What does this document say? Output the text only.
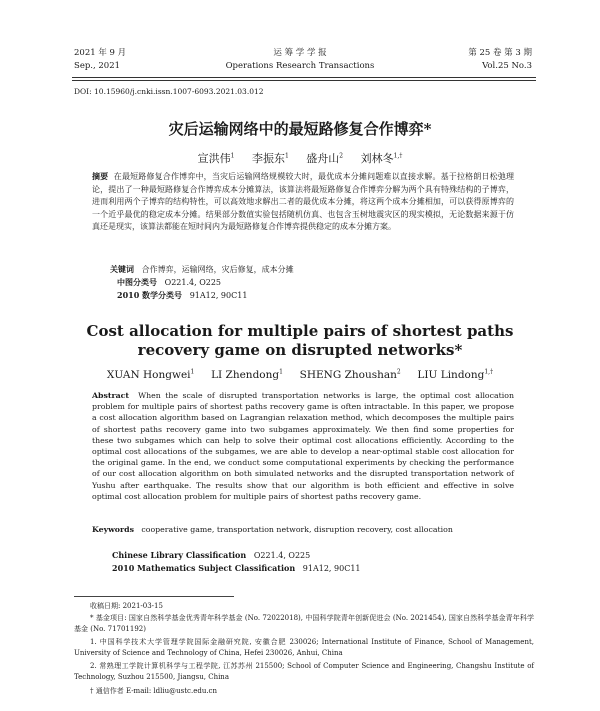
2021 年 9 月
Sep., 2021
运 筹 学 学 报
Operations Research Transactions
第 25 卷 第 3 期
Vol.25 No.3
DOI: 10.15960/j.cnki.issn.1007-6093.2021.03.012
灾后运输网络中的最短路修复合作博弈*
宣洪伟$^1$ 李振东$^1$ 盛舟山$^2$ 刘林冬$^{1,\dagger}$
摘要 在最短路修复合作博弈中，当灾后运输网络规模较大时，最优成本分摊问题难以直接求解。基于拉格朗日松弛理论，提出了一种最短路修复合作博弈成本分摊算法，该算法将最短路修复合作博弈分解为两个具有特殊结构的子博弈，进而利用两个子博弈的结构特性，可以高效地求解出二者的最优成本分摊，将这两个成本分摊相加，可以获得原博弈的一个近乎最优的稳定成本分摊。结果部分数值实验包括随机仿真、也包含玉树地震灾区的现实模拟，无论数据来源于仿真还是现实，该算法都能在短时间内为最短路修复合作博弈提供稳定的成本分摊方案。
关键词 合作博弈，运输网络，灾后修复，成本分摊
中图分类号 O221.4, O225
2010 数学分类号 91A12, 90C11
Cost allocation for multiple pairs of shortest paths
recovery game on disrupted networks*
XUAN Hongwei$^1$ LI Zhendong$^1$ SHENG Zhoushan$^2$ LIU Lindong$^{1,\dagger}$
Abstract When the scale of disrupted transportation networks is large, the optimal cost allocation problem for multiple pairs of shortest paths recovery game is often intractable. In this paper, we propose a cost allocation algorithm based on Lagrangian relaxation method, which decomposes the multiple pairs of shortest paths recovery game into two subgames approximately. We then find some properties for these two subgames which can help to solve their optimal cost allocations efficiently. According to the optimal cost allocations of the subgames, we are able to develop a near-optimal stable cost allocation for the original game. In the end, we conduct some computational experiments by checking the performance of our cost allocation algorithm on both simulated networks and the disrupted transportation network of Yushu after earthquake. The results show that our algorithm is both efficient and effective in solve optimal cost allocation problem for multiple pairs of shortest paths recovery game.
Keywords cooperative game, transportation network, disruption recovery, cost allocation
Chinese Library Classification O221.4, O225
2010 Mathematics Subject Classification 91A12, 90C11
收稿日期: 2021-03-15
* 基金项目: 国家自然科学基金优秀青年科学基金 (No. 72022018), 中国科学院青年创新促进会 (No. 2021454), 国家自然科学基金青年科学基金 (No. 71701192)
1. 中国科学技术大学管理学院国际金融研究院, 安徽合肥 230026; International Institute of Finance, School of Management, University of Science and Technology of China, Hefei 230026, Anhui, China
2. 常熟理工学院计算机科学与工程学院, 江苏苏州 215500; School of Computer Science and Engineering, Changshu Institute of Technology, Suzhou 215500, Jiangsu, China
† 通信作者 E-mail: ldliu@ustc.edu.cn
